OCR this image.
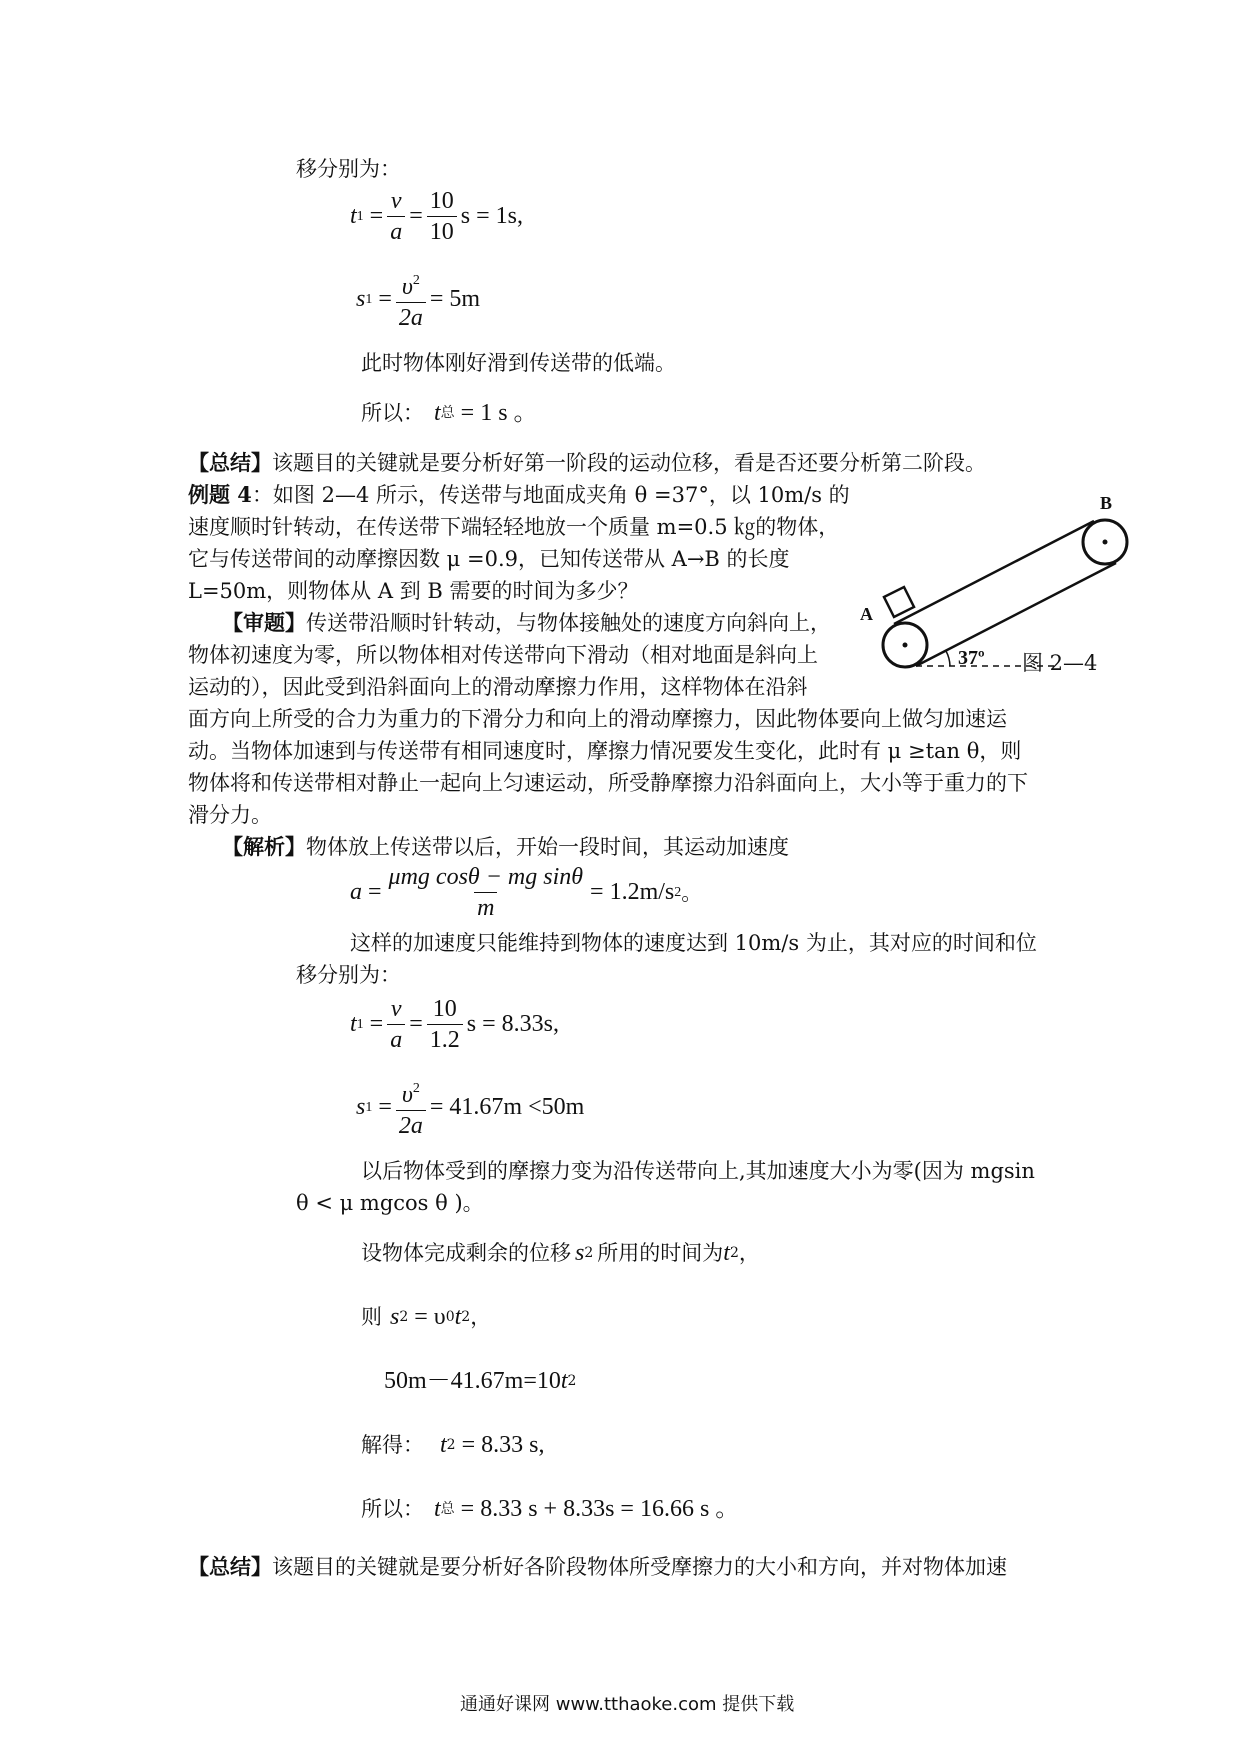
移分别为：
t $1 = \frac{v}{a} = \frac{10}{10}$ s = 1s,
s $1 = \frac{\upsilon^2}{2a} = 5m$
此时物体刚好滑到传送带的低端。
所以： t 总 = 1 s 。
【总结】该题目的关键就是要分析好第一阶段的运动位移，看是否还要分析第二阶段。
例题 4：如图 2—4 所示，传送带与地面成夹角 θ =37°，以 10m/s 的
速度顺时针转动，在传送带下端轻轻地放一个质量 m=0.5 ㎏的物体，
它与传送带间的动摩擦因数 μ =0.9，已知传送带从 A→B 的长度
L=50m，则物体从 A 到 B 需要的时间为多少？
37º
A
B
图 2—4
【审题】传送带沿顺时针转动，与物体接触处的速度方向斜向上，
物体初速度为零，所以物体相对传送带向下滑动（相对地面是斜向上
运动的），因此受到沿斜面向上的滑动摩擦力作用，这样物体在沿斜
面方向上所受的合力为重力的下滑分力和向上的滑动摩擦力，因此物体要向上做匀加速运
动。当物体加速到与传送带有相同速度时，摩擦力情况要发生变化，此时有 μ ≥tan θ，则
物体将和传送带相对静止一起向上匀速运动，所受静摩擦力沿斜面向上，大小等于重力的下
滑分力。
【解析】物体放上传送带以后，开始一段时间，其运动加速度
$a = \frac{\text{μmg cosθ − mg sinθ}}{m} = 1.2m/s$ 2 。
这样的加速度只能维持到物体的速度达到 10m/s 为止，其对应的时间和位
移分别为：
t $1 = \frac{v}{a} = \frac{10}{1.2}$ s = 8.33s,
s $1 = \frac{\upsilon^2}{2a} = 41.67m <50m$
以后物体受到的摩擦力变为沿传送带向上,其加速度大小为零(因为 mgsin
θ < μ mgcos θ )。
设物体完成剩余的位移 s 2 所用的时间为 t 2 ，
则 s 2 = υ 0 t 2 ，
50m－41.67m=10 t 2
解得： t 2 = 8.33 s,
所以： t 总 = 8.33 s + 8.33s = 16.66 s 。
【总结】该题目的关键就是要分析好各阶段物体所受摩擦力的大小和方向，并对物体加速
通通好课网 www.tthaoke.com 提供下载
